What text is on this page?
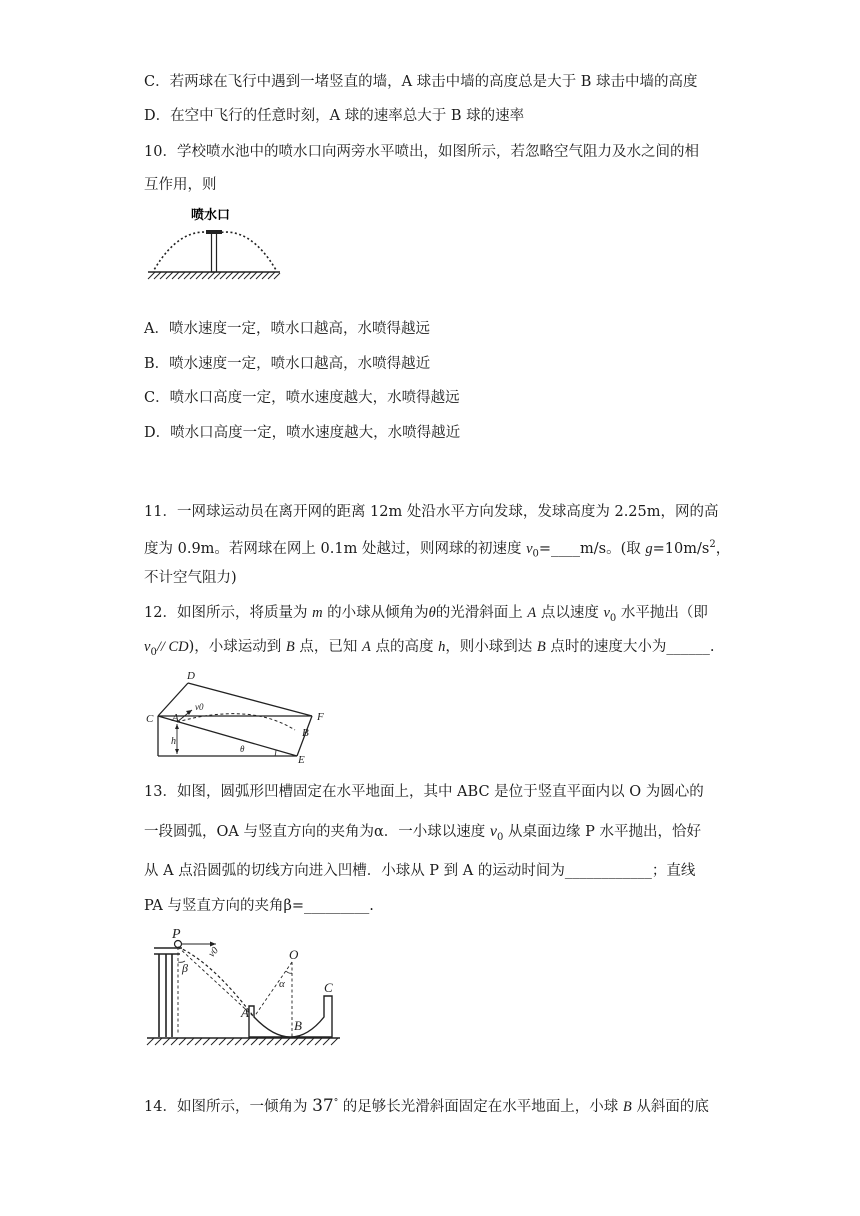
C．若两球在飞行中遇到一堵竖直的墙，A 球击中墙的高度总是大于 B 球击中墙的高度
D．在空中飞行的任意时刻，A 球的速率总大于 B 球的速率
10．学校喷水池中的喷水口向两旁水平喷出，如图所示，若忽略空气阻力及水之间的相
互作用，则
喷水口
A．喷水速度一定，喷水口越高，水喷得越远
B．喷水速度一定，喷水口越高，水喷得越近
C．喷水口高度一定，喷水速度越大，水喷得越远
D．喷水口高度一定，喷水速度越大，水喷得越近
11．一网球运动员在离开网的距离 12m 处沿水平方向发球，发球高度为 2.25m，网的高
度为 0.9m。若网球在网上 0.1m 处越过，则网球的初速度 $v_0=\_\_\_\_m/s$。(取 $g=10m/s^2$，
不计空气阻力)
12．如图所示，将质量为 m 的小球从倾角为θ的光滑斜面上 A 点以速度 $v_0$ 水平抛出（即
$v_0//$ CD)，小球运动到 B 点，已知 A 点的高度 h，则小球到达 B 点时的速度大小为______.
D
C A
v0
F
h
B
θ
E
13．如图，圆弧形凹槽固定在水平地面上，其中 ABC 是位于竖直平面内以 O 为圆心的
一段圆弧，OA 与竖直方向的夹角为α．一小球以速度 $v_0$ 从桌面边缘 P 水平抛出，恰好
从 A 点沿圆弧的切线方向进入凹槽．小球从 P 到 A 的运动时间为____________；直线
PA 与竖直方向的夹角β=_________.
P
v0
β
O
A
α	C
B
14．如图所示，一倾角为 37° 的足够长光滑斜面固定在水平地面上，小球 B 从斜面的底
